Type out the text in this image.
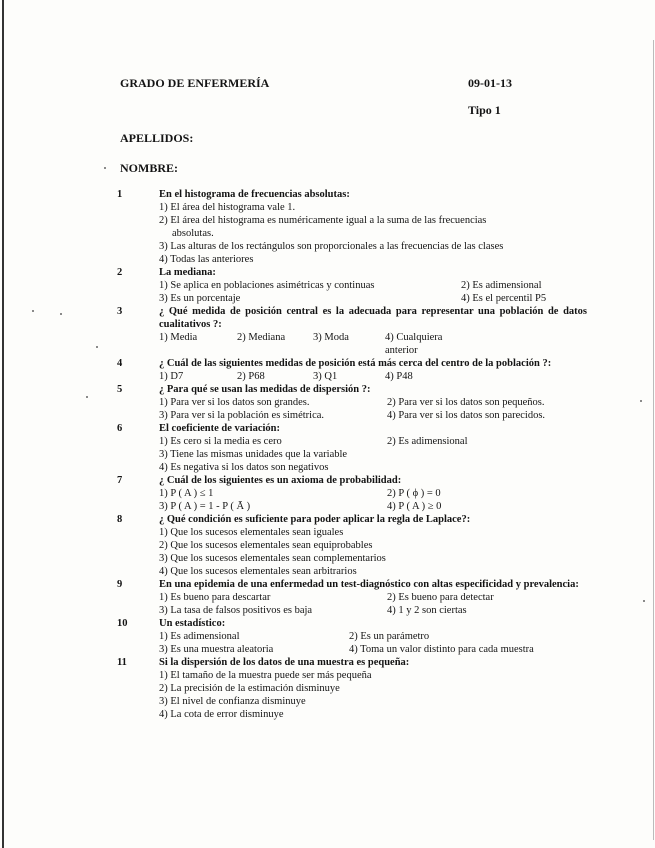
GRADO DE ENFERMERÍA	09-01-13
Tipo 1
APELLIDOS:
NOMBRE:
1	En el histograma de frecuencias absolutas:
1) El área del histograma vale 1.
2) El área del histograma es numéricamente igual a la suma de las frecuencias
absolutas.
3) Las alturas de los rectángulos son proporcionales a las frecuencias de las clases
4) Todas las anteriores
2	La mediana:
1) Se aplica en poblaciones asimétricas y continuas	2) Es adimensional
3) Es un porcentaje	4) Es el percentil P5
3	¿ Qué medida de posición central es la adecuada para representar una población de datos cualitativos ?:
1) Media	2) Mediana	3) Moda	4) Cualquiera anterior
4	¿ Cuál de las siguientes medidas de posición está más cerca del centro de la población ?:
1) D7	2) P68	3) Q1	4) P48
5	¿ Para qué se usan las medidas de dispersión ?:
1) Para ver si los datos son grandes.	2) Para ver si los datos son pequeños.
3) Para ver si la población es simétrica.	4) Para ver si los datos son parecidos.
6	El coeficiente de variación:
1) Es cero si la media es cero	2) Es adimensional
3) Tiene las mismas unidades que la variable
4) Es negativa si los datos son negativos
7	¿ Cuál de los siguientes es un axioma de probabilidad:
1) P ( A ) ≤ 1	2) P ( ϕ ) = 0
3) P ( A ) = 1 - P ( Ā )	4) P ( A ) ≥ 0
8	¿ Qué condición es suficiente para poder aplicar la regla de Laplace?:
1) Que los sucesos elementales sean iguales
2) Que los sucesos elementales sean equiprobables
3) Que los sucesos elementales sean complementarios
4) Que los sucesos elementales sean arbitrarios
9	En una epidemia de una enfermedad un test-diagnóstico con altas especificidad y prevalencia:
1) Es bueno para descartar	2) Es bueno para detectar
3) La tasa de falsos positivos es baja	4) 1 y 2 son ciertas
10	Un estadístico:
1) Es adimensional	2) Es un parámetro
3) Es una muestra aleatoria	4) Toma un valor distinto para cada muestra
11	Si la dispersión de los datos de una muestra es pequeña:
1) El tamaño de la muestra puede ser más pequeña
2) La precisión de la estimación disminuye
3) El nivel de confianza disminuye
4) La cota de error disminuye
